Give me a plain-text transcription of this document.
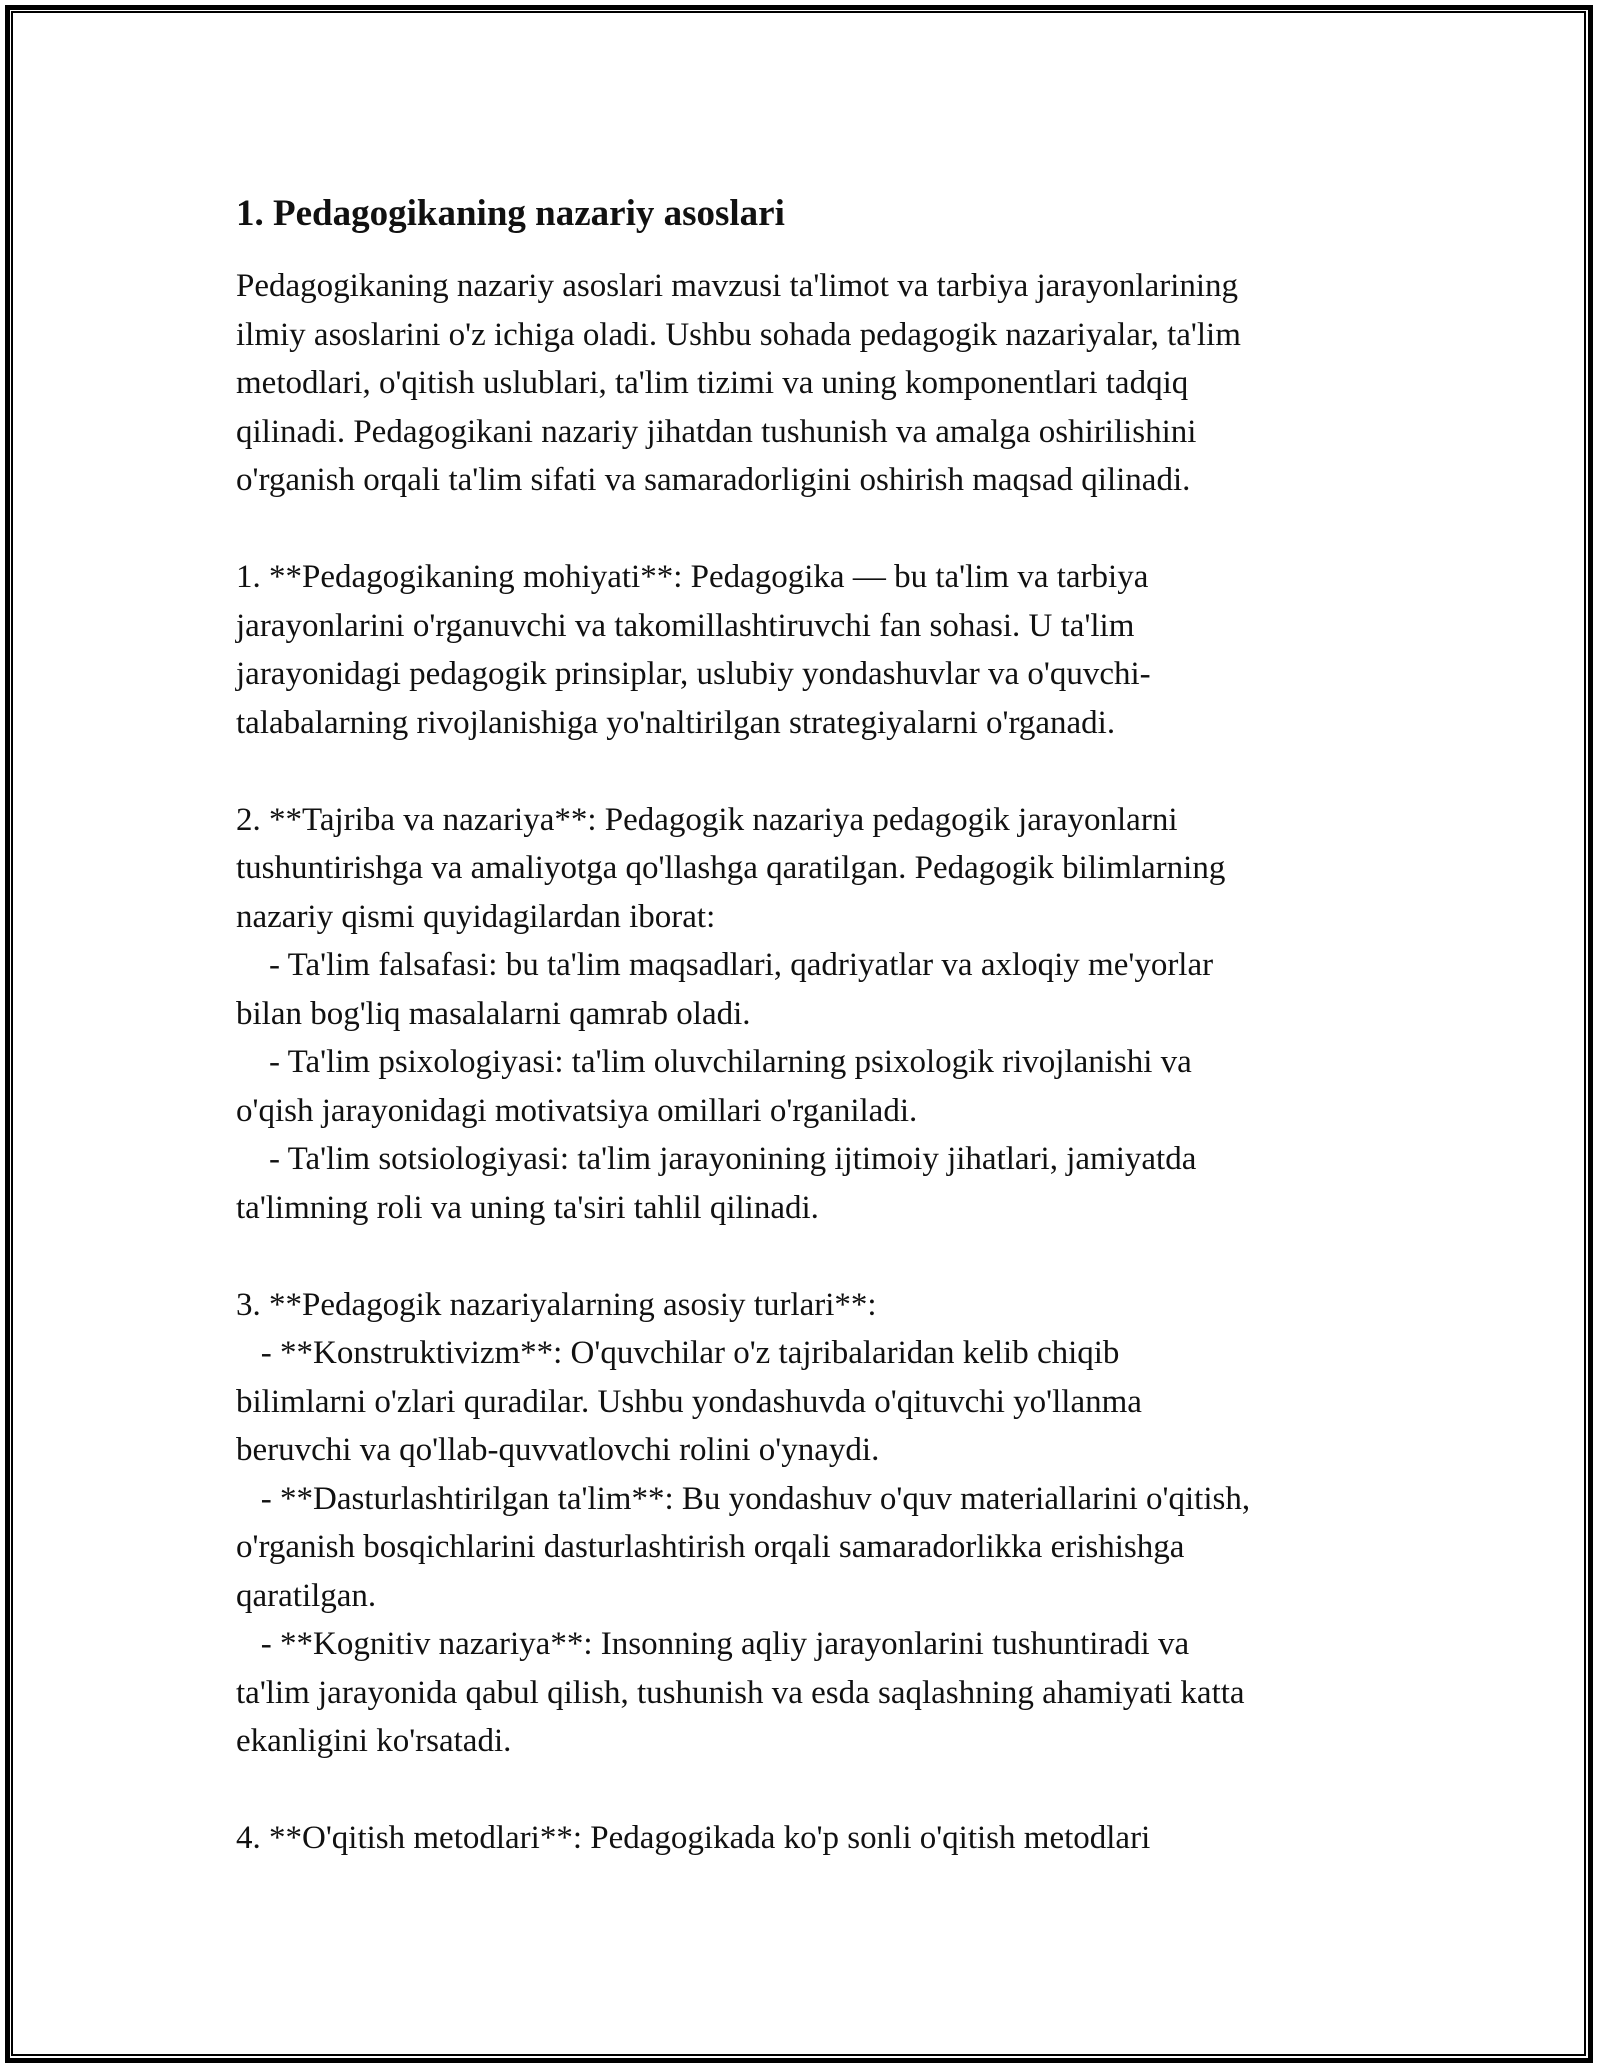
1. Pedagogikaning nazariy asoslari

Pedagogikaning nazariy asoslari mavzusi ta'limot va tarbiya jarayonlarining
ilmiy asoslarini o'z ichiga oladi. Ushbu sohada pedagogik nazariyalar, ta'lim
metodlari, o'qitish uslublari, ta'lim tizimi va uning komponentlari tadqiq
qilinadi. Pedagogikani nazariy jihatdan tushunish va amalga oshirilishini
o'rganish orqali ta'lim sifati va samaradorligini oshirish maqsad qilinadi.

1. **Pedagogikaning mohiyati**: Pedagogika — bu ta'lim va tarbiya
jarayonlarini o'rganuvchi va takomillashtiruvchi fan sohasi. U ta'lim
jarayonidagi pedagogik prinsiplar, uslubiy yondashuvlar va o'quvchi-
talabalarning rivojlanishiga yo'naltirilgan strategiyalarni o'rganadi.

2. **Tajriba va nazariya**: Pedagogik nazariya pedagogik jarayonlarni
tushuntirishga va amaliyotga qo'llashga qaratilgan. Pedagogik bilimlarning
nazariy qismi quyidagilardan iborat:
- Ta'lim falsafasi: bu ta'lim maqsadlari, qadriyatlar va axloqiy me'yorlar
bilan bog'liq masalalarni qamrab oladi.
- Ta'lim psixologiyasi: ta'lim oluvchilarning psixologik rivojlanishi va
o'qish jarayonidagi motivatsiya omillari o'rganiladi.
- Ta'lim sotsiologiyasi: ta'lim jarayonining ijtimoiy jihatlari, jamiyatda
ta'limning roli va uning ta'siri tahlil qilinadi.

3. **Pedagogik nazariyalarning asosiy turlari**:
- **Konstruktivizm**: O'quvchilar o'z tajribalaridan kelib chiqib
bilimlarni o'zlari quradilar. Ushbu yondashuvda o'qituvchi yo'llanma
beruvchi va qo'llab-quvvatlovchi rolini o'ynaydi.
- **Dasturlashtirilgan ta'lim**: Bu yondashuv o'quv materiallarini o'qitish,
o'rganish bosqichlarini dasturlashtirish orqali samaradorlikka erishishga
qaratilgan.
- **Kognitiv nazariya**: Insonning aqliy jarayonlarini tushuntiradi va
ta'lim jarayonida qabul qilish, tushunish va esda saqlashning ahamiyati katta
ekanligini ko'rsatadi.

4. **O'qitish metodlari**: Pedagogikada ko'p sonli o'qitish metodlari
